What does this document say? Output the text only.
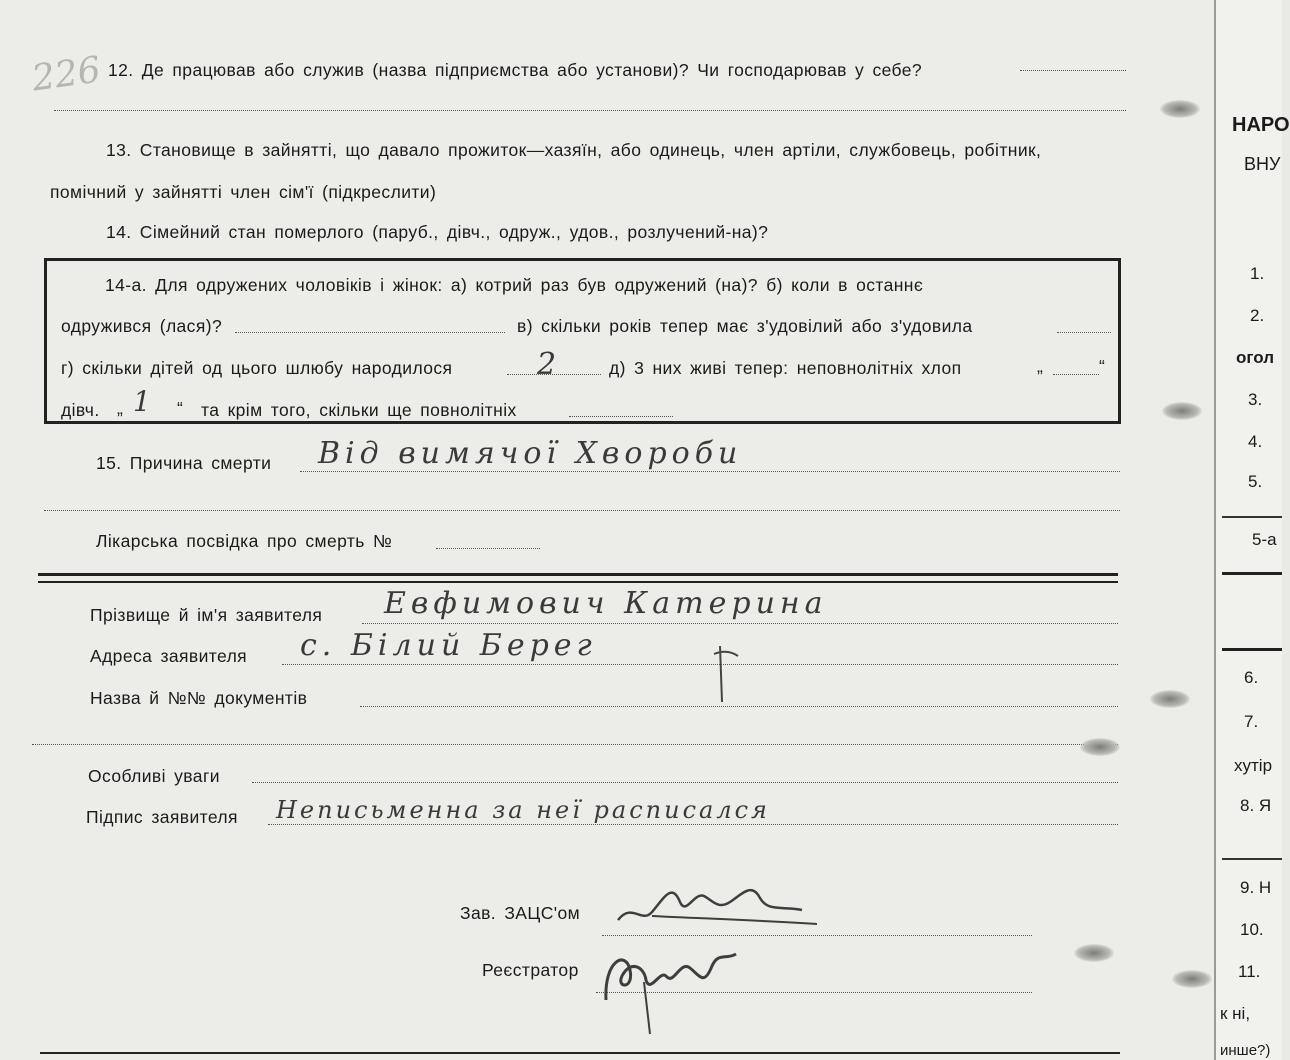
226 12. Де працював або служив (назва підприємства або установи)? Чи господарював у себе?
13. Становище в зайнятті, що давало прожиток—хазяїн, або одинець, член артіли, службовець, робітник,
помічний у зайнятті член сім'ї (підкреслити)
14. Сімейний стан померлого (паруб., дівч., одруж., удов., розлучений-на)?
14-а. Для одружених чоловіків і жінок: а) котрий раз був одружений (на)? б) коли в останнє
одружився (лася)?	в) скільки років тепер має з'удовілий або з'удовила
г) скільки дітей од цього шлюбу народилося	2	д) 3 них живі тепер: неповнолітніх хлоп	„	“
дівч. „ 1 “ та крім того, скільки ще повнолітніх
15. Причина смерти Від вимячої Хвороби
Лікарська посвідка про смерть №
Прізвище й ім'я заявителя Евфимович Катерина
Адреса заявителя с. Білий Берег
Назва й №№ документів
Особливі уваги
Підпис заявителя Неписьменна за неї расписался
Зав. ЗАЦС'ом
Реєстратор
НАРО
ВНУ
1.
2.
огол
3.
4.
5.
5-а
6.
7.
хутір
8. Я
9. Н
10.
11.
к ні,
инше?)
